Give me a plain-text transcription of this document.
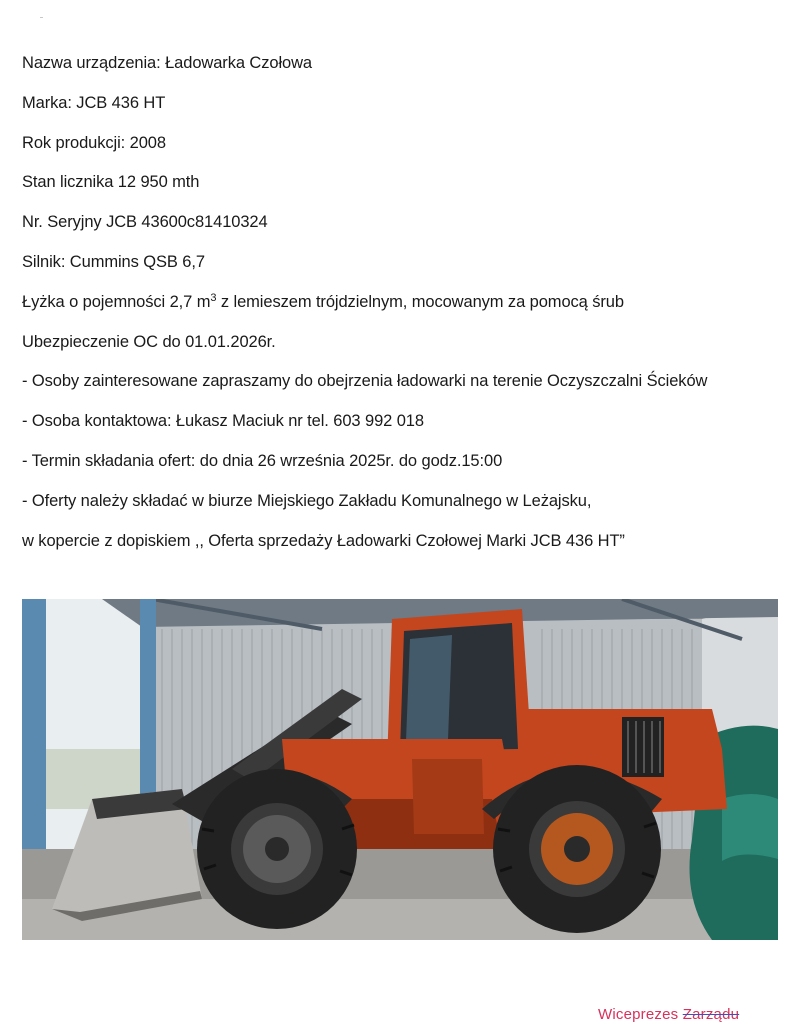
Nazwa urządzenia: Ładowarka Czołowa
Marka: JCB 436 HT
Rok produkcji: 2008
Stan licznika 12 950 mth
Nr. Seryjny JCB 43600c81410324
Silnik: Cummins QSB 6,7
Łyżka o pojemności 2,7 $m^3$ z lemieszem trójdzielnym, mocowanym za pomocą śrub
Ubezpieczenie OC do 01.01.2026r.
- Osoby zainteresowane zapraszamy do obejrzenia ładowarki na terenie Oczyszczalni Ścieków
- Osoba kontaktowa: Łukasz Maciuk nr tel. 603 992 018
- Termin składania ofert: do dnia 26 września 2025r. do godz.15:00
- Oferty należy składać w biurze Miejskiego Zakładu Komunalnego w Leżajsku,
w kopercie z dopiskiem ,, Oferta sprzedaży Ładowarki Czołowej Marki JCB 436 HT”
Wiceprezes Zarządu
